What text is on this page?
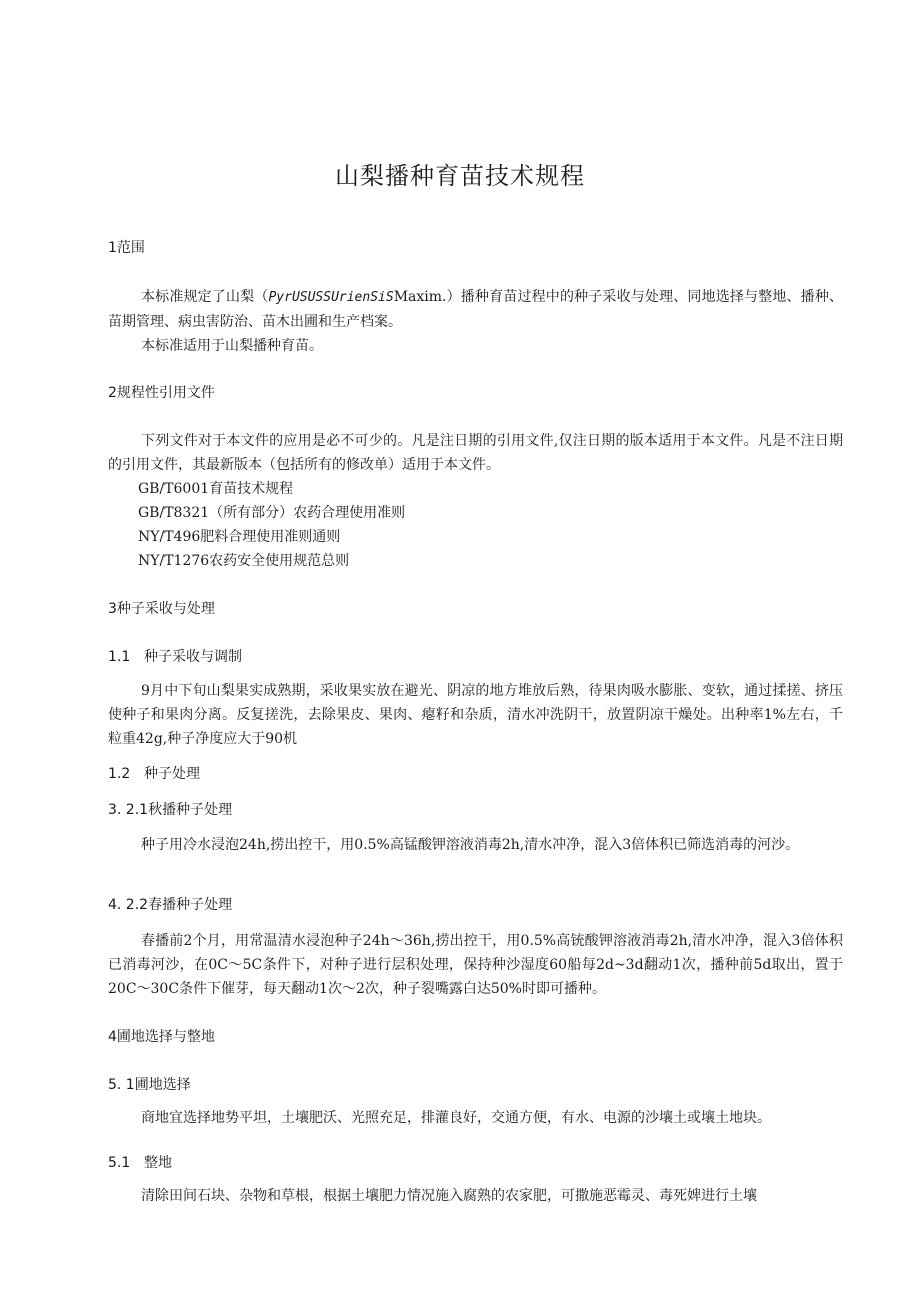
山梨播种育苗技术规程
1范围
本标准规定了山梨（PyrUSUSSUrienSiSMaxim.）播种育苗过程中的种子采收与处理、同地选择与整地、播种、苗期管理、病虫害防治、苗木出圃和生产档案。
本标准适用于山梨播种育苗。
2规程性引用文件
下列文件对于本文件的应用是必不可少的。凡是注日期的引用文件,仅注日期的版本适用于本文件。凡是不注日期的引用文件，其最新版本（包括所有的修改单）适用于本文件。
GB/T6001育苗技术规程
GB/T8321（所有部分）农药合理使用准则
NY/T496肥料合理使用准则通则
NY/T1276农药安全使用规范总则
3种子采收与处理
1.1 种子采收与调制
9月中下旬山梨果实成熟期，采收果实放在避光、阴凉的地方堆放后熟，待果肉吸水膨胀、变软，通过揉搓、挤压使种子和果肉分离。反复搓洗，去除果皮、果肉、瘪籽和杂质，清水冲洗阴干，放置阴凉干燥处。出种率1%左右，千粒重42g,种子净度应大于90机
1.2 种子处理
3. 2.1秋播种子处理
种子用冷水浸泡24h,捞出控干，用0.5%高锰酸钾溶液消毒2h,清水冲净，混入3倍体积已筛选消毒的河沙。
4. 2.2春播种子处理
春播前2个月，用常温清水浸泡种子24h～36h,捞出控干，用0.5%高铳酸钾溶液消毒2h,清水冲净，混入3倍体积已消毒河沙，在0C～5C条件下，对种子进行层积处理，保持种沙湿度60船每2d~3d翻动1次，播种前5d取出，置于20C～30C条件下催芽，每天翻动1次～2次，种子裂嘴露白达50%时即可播种。
4圃地选择与整地
5. 1圃地选择
商地宜选择地势平坦，土壤肥沃、光照充足，排灌良好，交通方便，有水、电源的沙壤土或壤土地块。
5.1 整地
清除田间石块、杂物和草根，根据土壤肥力情况施入腐熟的农家肥，可撒施恶霉灵、毒死婢进行土壤
